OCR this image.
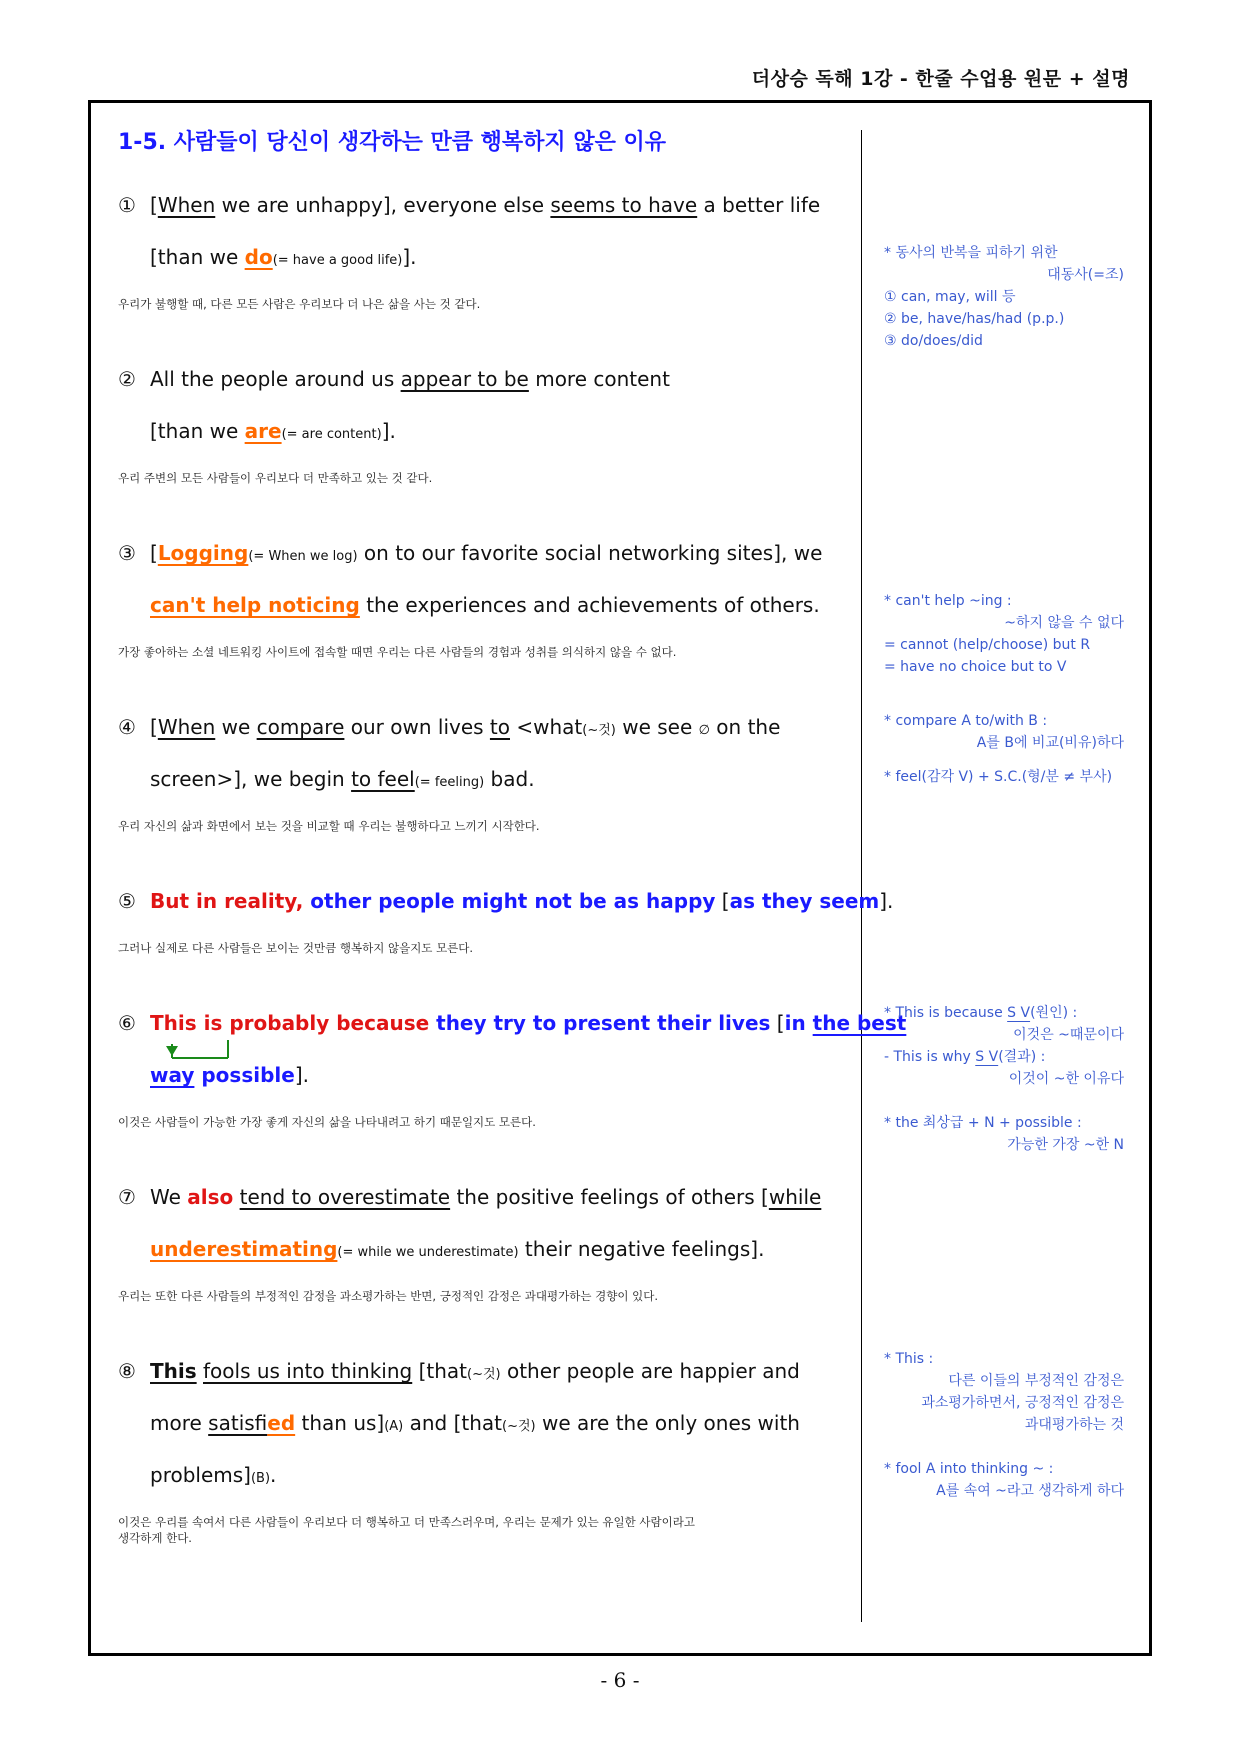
더상승 독해 1강 - 한줄 수업용 원문 + 설명
1-5. 사람들이 당신이 생각하는 만큼 행복하지 않은 이유
① [When we are unhappy], everyone else seems to have a better life
[than we do(= have a good life)].
우리가 불행할 때, 다른 모든 사람은 우리보다 더 나은 삶을 사는 것 같다.
② All the people around us appear to be more content
[than we are(= are content)].
우리 주변의 모든 사람들이 우리보다 더 만족하고 있는 것 같다.
③ [Logging(= When we log) on to our favorite social networking sites], we
can't help noticing the experiences and achievements of others.
가장 좋아하는 소셜 네트워킹 사이트에 접속할 때면 우리는 다른 사람들의 경험과 성취를 의식하지 않을 수 없다.
④ [When we compare our own lives to <what(~것) we see ∅ on the
screen>], we begin to feel(= feeling) bad.
우리 자신의 삶과 화면에서 보는 것을 비교할 때 우리는 불행하다고 느끼기 시작한다.
⑤ But in reality, other people might not be as happy [as they seem].
그러나 실제로 다른 사람들은 보이는 것만큼 행복하지 않을지도 모른다.
⑥ This is probably because they try to present their lives [in the best
way possible].
이것은 사람들이 가능한 가장 좋게 자신의 삶을 나타내려고 하기 때문일지도 모른다.
⑦ We also tend to overestimate the positive feelings of others [while
underestimating(= while we underestimate) their negative feelings].
우리는 또한 다른 사람들의 부정적인 감정을 과소평가하는 반면, 긍정적인 감정은 과대평가하는 경향이 있다.
⑧ This fools us into thinking [that(~것) other people are happier and
more satisfied than us](A) and [that(~것) we are the only ones with
problems](B).
이것은 우리를 속여서 다른 사람들이 우리보다 더 행복하고 더 만족스러우며, 우리는 문제가 있는 유일한 사람이라고
생각하게 한다.
* 동사의 반복을 피하기 위한
대동사(=조)
① can, may, will 등
② be, have/has/had (p.p.)
③ do/does/did
* can't help ~ing :
~하지 않을 수 없다
= cannot (help/choose) but R
= have no choice but to V
* compare A to/with B :
A를 B에 비교(비유)하다
* feel(감각 V) + S.C.(형/분 ≠ 부사)
* This is because S V(원인) :
이것은 ~때문이다
- This is why S V(결과) :
이것이 ~한 이유다
* the 최상급 + N + possible :
가능한 가장 ~한 N
* This :
다른 이들의 부정적인 감정은
과소평가하면서, 긍정적인 감정은
과대평가하는 것
* fool A into thinking ~ :
A를 속여 ~라고 생각하게 하다
- 6 -
